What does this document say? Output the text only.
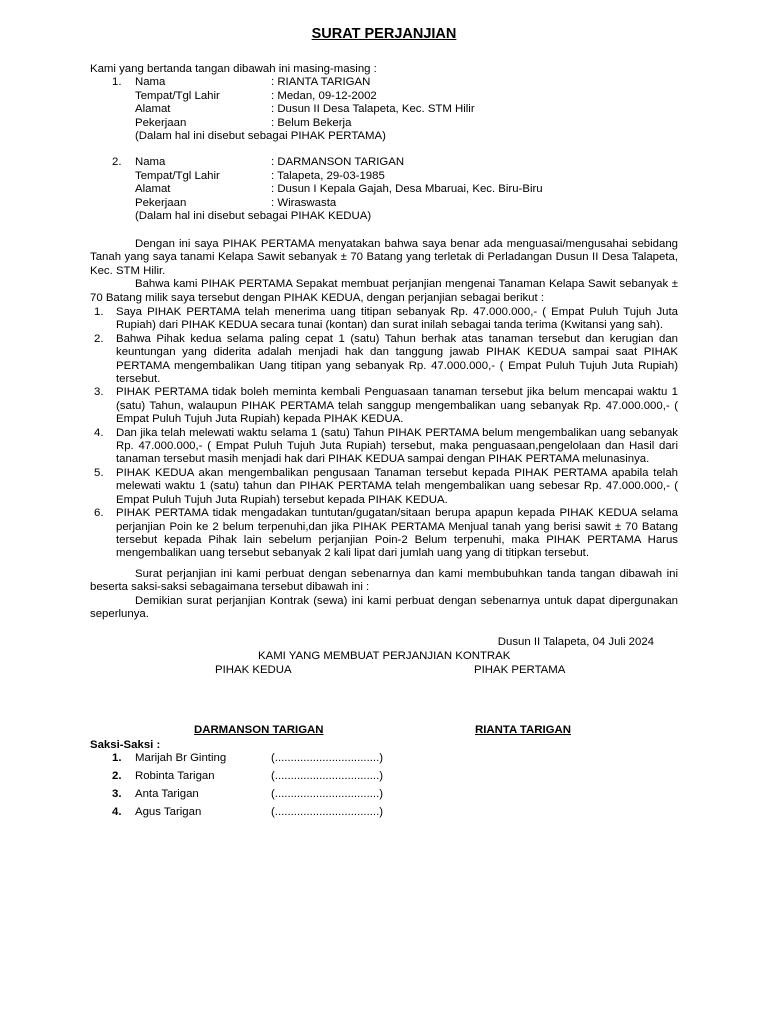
SURAT PERJANJIAN
Kami yang bertanda tangan dibawah ini masing-masing :
1. Nama	: RIANTA TARIGAN
Tempat/Tgl Lahir	: Medan, 09-12-2002
Alamat	: Dusun II Desa Talapeta, Kec. STM Hilir
Pekerjaan	: Belum Bekerja
(Dalam hal ini disebut sebagai PIHAK PERTAMA)
2. Nama	: DARMANSON TARIGAN
Tempat/Tgl Lahir	: Talapeta, 29-03-1985
Alamat	: Dusun I Kepala Gajah, Desa Mbaruai, Kec. Biru-Biru
Pekerjaan	: Wiraswasta
(Dalam hal ini disebut sebagai PIHAK KEDUA)

Dengan ini saya PIHAK PERTAMA menyatakan bahwa saya benar ada menguasai/mengusahai sebidang Tanah yang saya tanami Kelapa Sawit sebanyak ± 70 Batang yang terletak di Perladangan Dusun II Desa Talapeta, Kec. STM Hilir.

Bahwa kami PIHAK PERTAMA Sepakat membuat perjanjian mengenai Tanaman Kelapa Sawit sebanyak ± 70 Batang milik saya tersebut dengan PIHAK KEDUA, dengan perjanjian sebagai berikut :

1. Saya PIHAK PERTAMA telah menerima uang titipan sebanyak Rp. 47.000.000,- ( Empat Puluh Tujuh Juta Rupiah) dari PIHAK KEDUA secara tunai (kontan) dan surat inilah sebagai tanda terima (Kwitansi yang sah).
2. Bahwa Pihak kedua selama paling cepat 1 (satu) Tahun berhak atas tanaman tersebut dan kerugian dan keuntungan yang diderita adalah menjadi hak dan tanggung jawab PIHAK KEDUA sampai saat PIHAK PERTAMA mengembalikan Uang titipan yang sebanyak Rp. 47.000.000,- ( Empat Puluh Tujuh Juta Rupiah) tersebut.
3. PIHAK PERTAMA tidak boleh meminta kembali Penguasaan tanaman tersebut jika belum mencapai waktu 1 (satu) Tahun, walaupun PIHAK PERTAMA telah sanggup mengembalikan uang sebanyak Rp. 47.000.000,- ( Empat Puluh Tujuh Juta Rupiah) kepada PIHAK KEDUA.
4. Dan jika telah melewati waktu selama 1 (satu) Tahun PIHAK PERTAMA belum mengembalikan uang sebanyak Rp. 47.000.000,- ( Empat Puluh Tujuh Juta Rupiah) tersebut, maka penguasaan,pengelolaan dan Hasil dari tanaman tersebut masih menjadi hak dari PIHAK KEDUA sampai dengan PIHAK PERTAMA melunasinya.
5. PIHAK KEDUA akan mengembalikan pengusaan Tanaman tersebut kepada PIHAK PERTAMA apabila telah melewati waktu 1 (satu) tahun dan PIHAK PERTAMA telah mengembalikan uang sebesar Rp. 47.000.000,- ( Empat Puluh Tujuh Juta Rupiah) tersebut kepada PIHAK KEDUA.
6. PIHAK PERTAMA tidak mengadakan tuntutan/gugatan/sitaan berupa apapun kepada PIHAK KEDUA selama perjanjian Poin ke 2 belum terpenuhi,dan jika PIHAK PERTAMA Menjual tanah yang berisi sawit ± 70 Batang tersebut kepada Pihak lain sebelum perjanjian Poin-2 Belum terpenuhi, maka PIHAK PERTAMA Harus mengembalikan uang tersebut sebanyak 2 kali lipat dari jumlah uang yang di titipkan tersebut.

Surat perjanjian ini kami perbuat dengan sebenarnya dan kami membubuhkan tanda tangan dibawah ini beserta saksi-saksi sebagaimana tersebut dibawah ini :

Demikian surat perjanjian Kontrak (sewa) ini kami perbuat dengan sebenarnya untuk dapat dipergunakan seperlunya.

Dusun II Talapeta, 04 Juli 2024
KAMI YANG MEMBUAT PERJANJIAN KONTRAK
PIHAK KEDUA	PIHAK PERTAMA
DARMANSON TARIGAN	RIANTA TARIGAN
Saksi-Saksi :
1. Marijah Br Ginting	(.................................)
2. Robinta Tarigan	(.................................)
3. Anta Tarigan	(.................................)
4. Agus Tarigan	(.................................)
